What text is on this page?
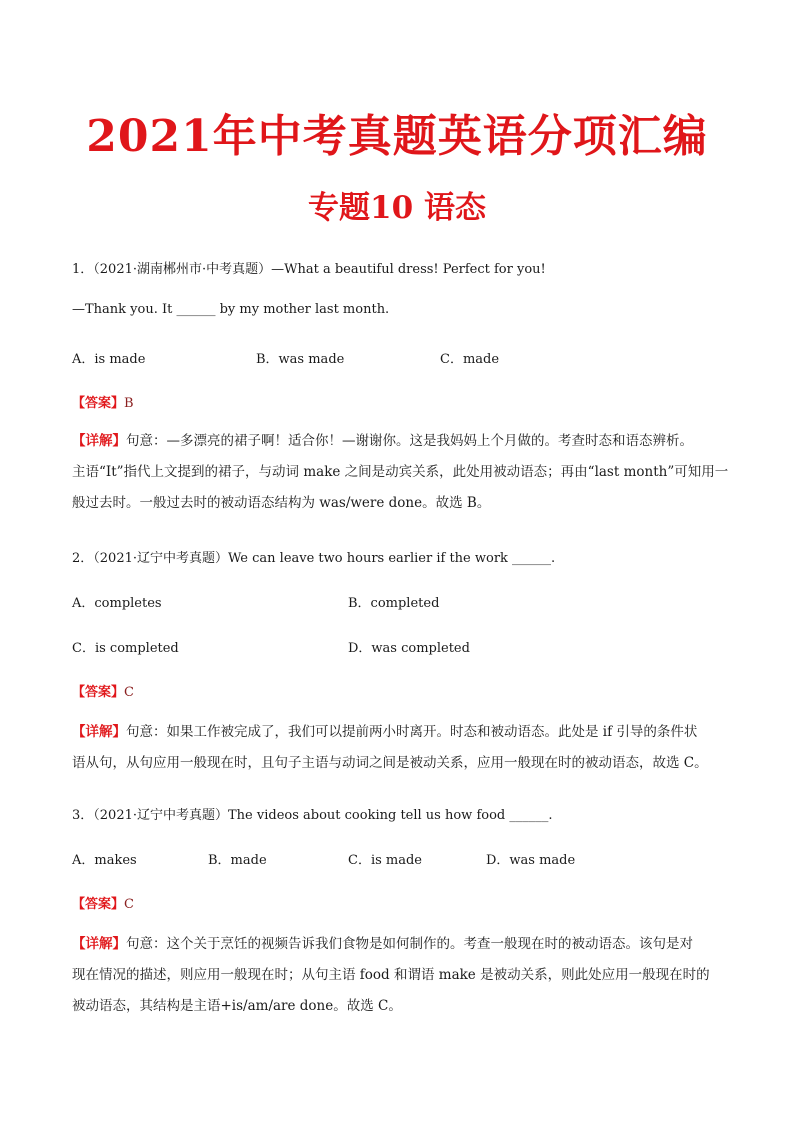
2021年中考真题英语分项汇编
专题10 语态
1．（2021·湖南郴州市·中考真题）—What a beautiful dress! Perfect for you!
—Thank you. It ______ by my mother last month.
A．is made	B．was made	C．made
【答案】B
【详解】句意：—多漂亮的裙子啊！适合你！—谢谢你。这是我妈妈上个月做的。考查时态和语态辨析。
主语“It”指代上文提到的裙子，与动词 make 之间是动宾关系，此处用被动语态；再由“last month”可知用一
般过去时。一般过去时的被动语态结构为 was/were done。故选 B。
2．（2021·辽宁中考真题）We can leave two hours earlier if the work ______.
A．completes	B．completed
C．is completed	D．was completed
【答案】C
【详解】句意：如果工作被完成了，我们可以提前两小时离开。时态和被动语态。此处是 if 引导的条件状
语从句，从句应用一般现在时，且句子主语与动词之间是被动关系，应用一般现在时的被动语态，故选 C。
3．（2021·辽宁中考真题）The videos about cooking tell us how food ______.
A．makes	B．made	C．is made	D．was made
【答案】C
【详解】句意：这个关于烹饪的视频告诉我们食物是如何制作的。考查一般现在时的被动语态。该句是对
现在情况的描述，则应用一般现在时；从句主语 food 和谓语 make 是被动关系，则此处应用一般现在时的
被动语态，其结构是主语+is/am/are done。故选 C。
